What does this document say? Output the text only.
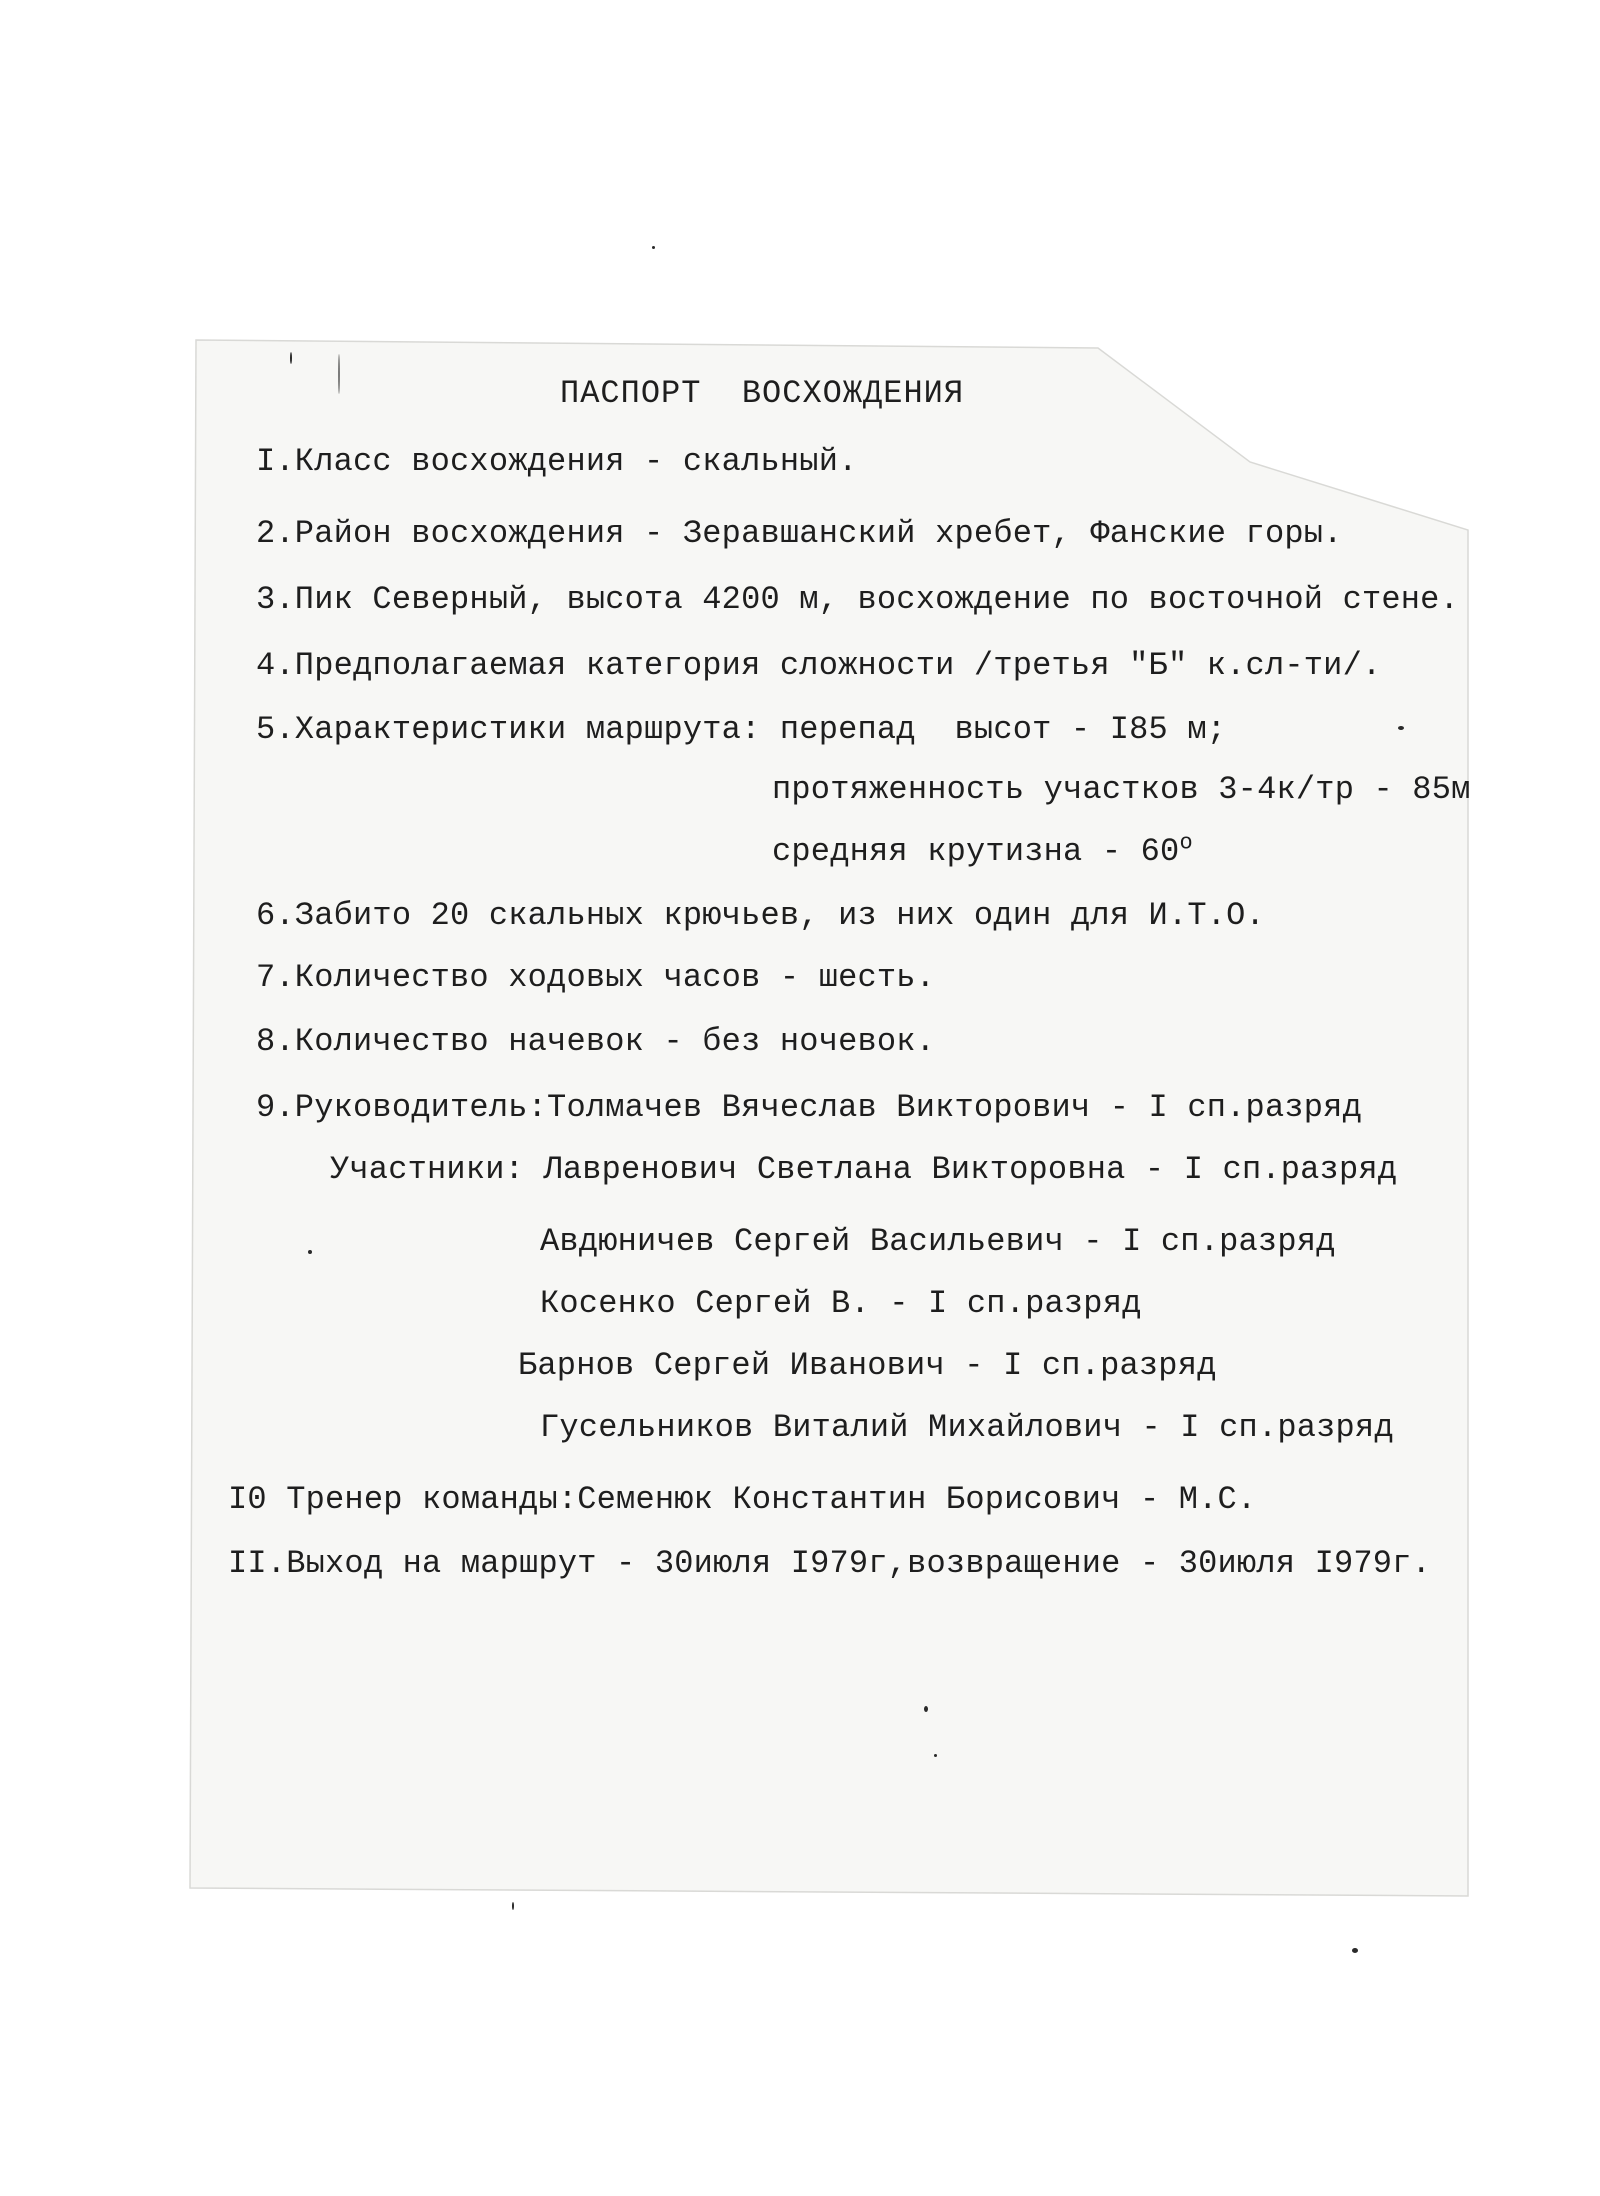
ПАСПОРТ  ВОСХОЖДЕНИЯ
I.Класс восхождения - скальный.
2.Район восхождения - Зеравшанский хребет, Фанские горы.
3.Пик Северный, высота 4200 м, восхождение по восточной стене.
4.Предполагаемая категория сложности /третья "Б" к.сл-ти/.
5.Характеристики маршрута: перепад  высот - I85 м;
протяженность участков 3-4к/тр - 85м
средняя крутизна - $60^о$
6.Забито 20 скальных крючьев, из них один для И.Т.О.
7.Количество ходовых часов - шесть.
8.Количество начевок - без ночевок.
9.Руководитель:Толмачев Вячеслав Викторович - I сп.разряд
Участники: Лавренович Светлана Викторовна - I сп.разряд
Авдюничев Сергей Васильевич - I сп.разряд
Косенко Сергей В. - I сп.разряд
Барнов Сергей Иванович - I сп.разряд
Гусельников Виталий Михайлович - I сп.разряд
I0 Тренер команды:Семенюк Константин Борисович - М.С.
II.Выход на маршрут - 30июля I979г,возвращение - 30июля I979г.
